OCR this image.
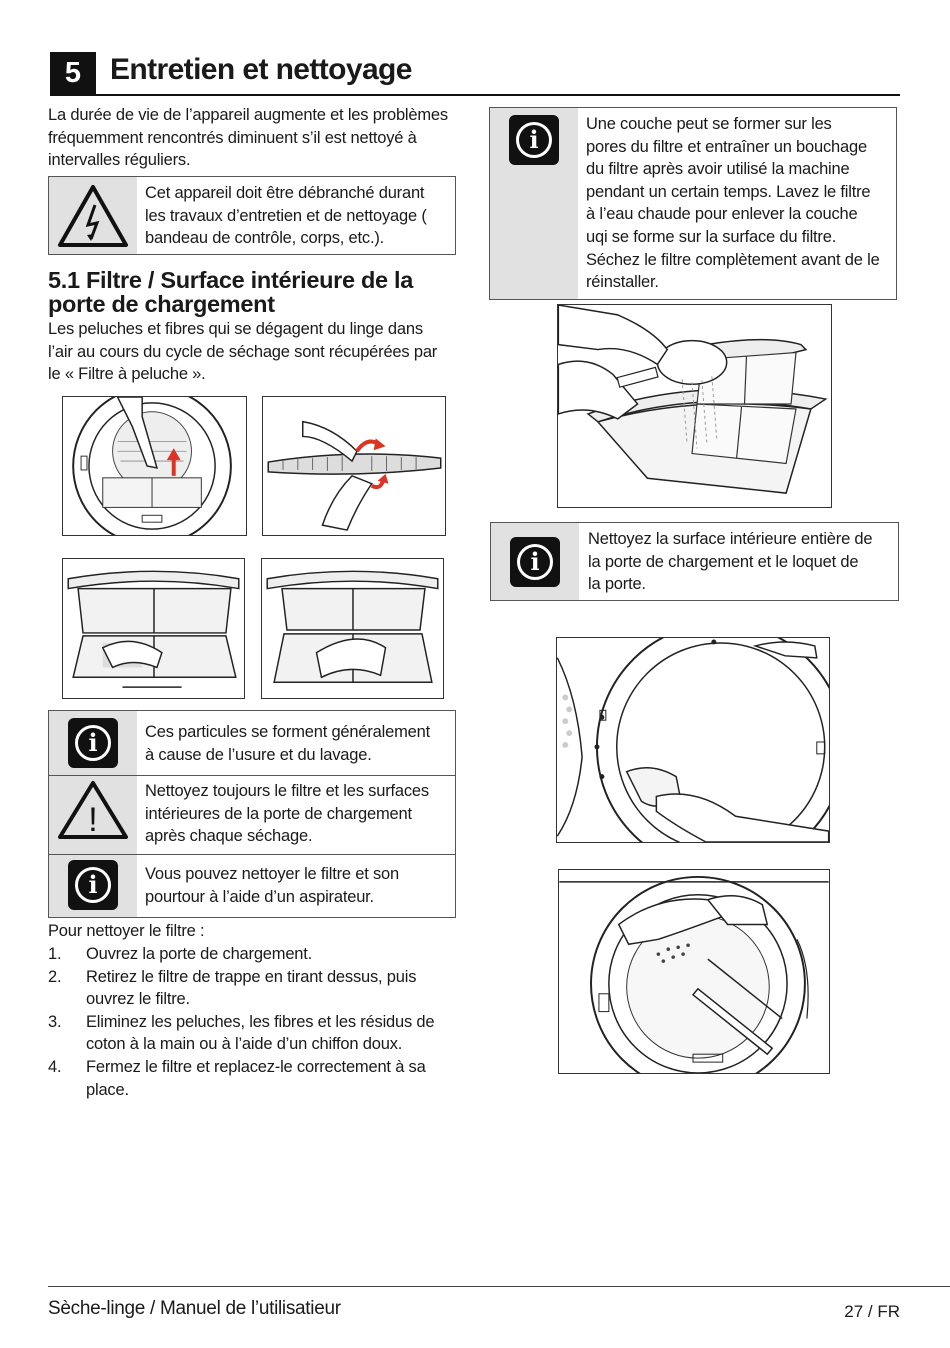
5 Entretien et nettoyage
La durée de vie de l’appareil augmente et les problèmes
fréquemment rencontrés diminuent s’il est nettoyé à
intervalles réguliers.
Cet appareil doit être débranché durant
les travaux d’entretien et de nettoyage (
bandeau de contrôle, corps, etc.).
5.1 Filtre / Surface intérieure de la
porte de chargement
Les peluches et fibres qui se dégagent du linge dans
l’air au cours du cycle de séchage sont récupérées par
le « Filtre à peluche ».
i	Ces particules se forment généralement
à cause de l’usure et du lavage.
!
Nettoyez toujours le filtre et les surfaces
intérieures de la porte de chargement
après chaque séchage.
i	Vous pouvez nettoyer le filtre et son
pourtour à l’aide d’un aspirateur.
Pour nettoyer le filtre :
1. Ouvrez la porte de chargement.
2. Retirez le filtre de trappe en tirant dessus, puis
ouvrez le filtre.
3. Eliminez les peluches, les fibres et les résidus de
coton à la main ou à l’aide d’un chiffon doux.
4. Fermez le filtre et replacez-le correctement à sa
place.
i
Une couche peut se former sur les
pores du filtre et entraîner un bouchage
du filtre après avoir utilisé la machine
pendant un certain temps. Lavez le filtre
à l’eau chaude pour enlever la couche
uqi se forme sur la surface du filtre.
Séchez le filtre complètement avant de le
réinstaller.
i
Nettoyez la surface intérieure entière de
la porte de chargement et le loquet de
la porte.
Sèche-linge / Manuel de l’utilisatieur	27 / FR
